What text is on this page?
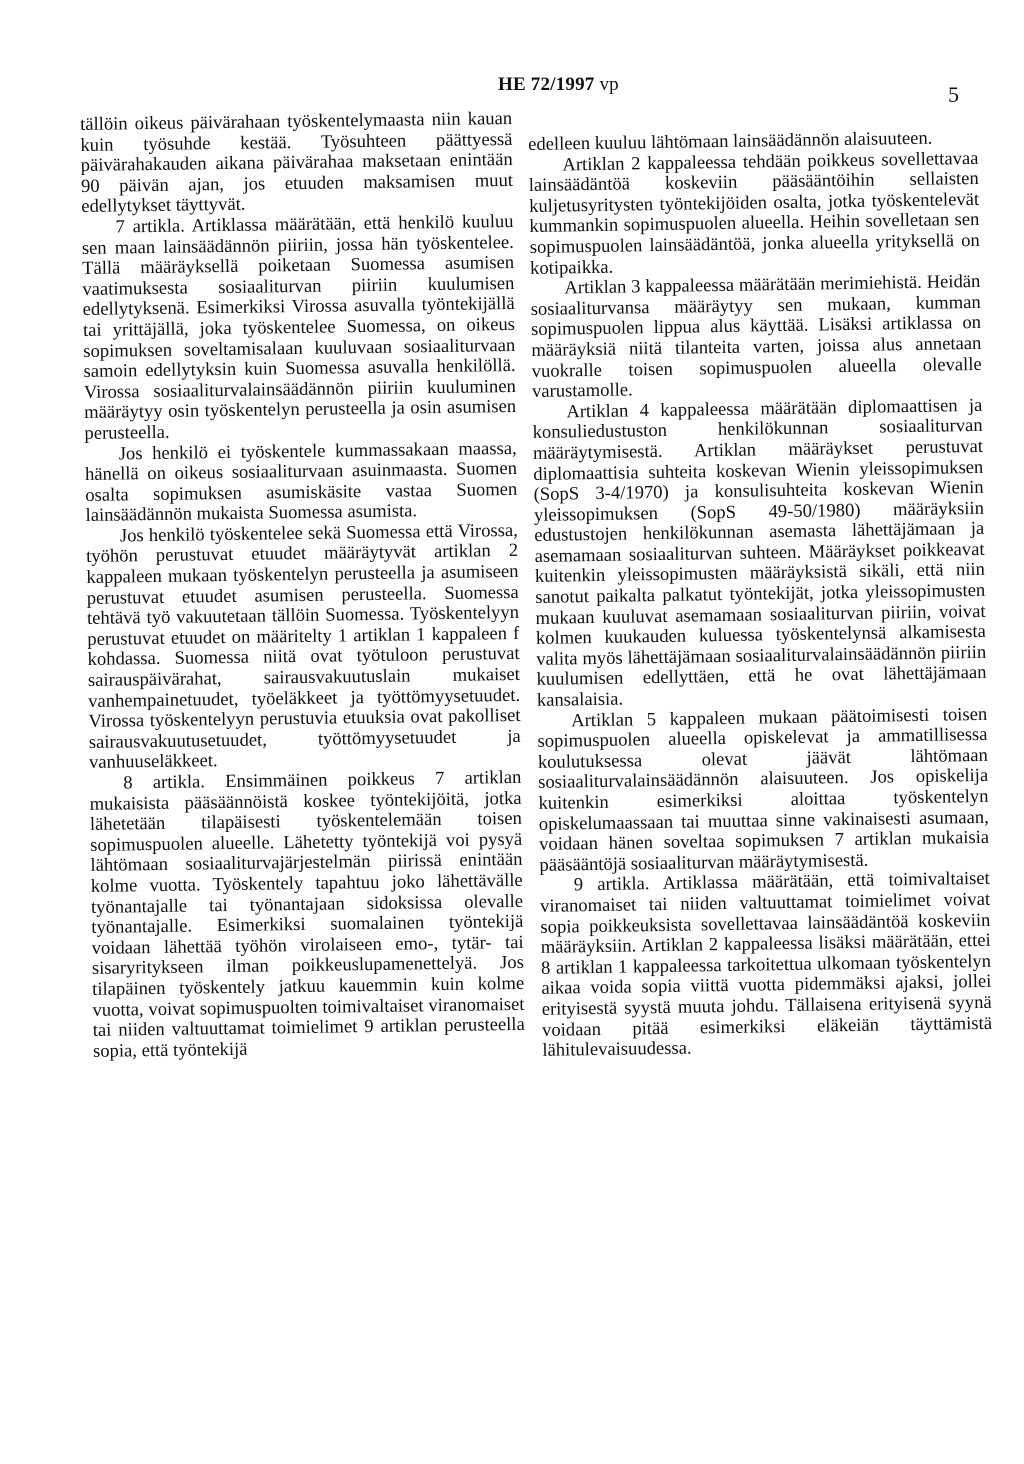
HE 72/1997 vp	5

tällöin oikeus päivärahaan työskentelymaasta niin kauan kuin työsuhde kestää. Työsuhteen päättyessä päivärahakauden aikana päivärahaa maksetaan enintään 90 päivän ajan, jos etuuden maksamisen muut edellytykset täyttyvät.

7 artikla. Artiklassa määrätään, että henkilö kuuluu sen maan lainsäädännön piiriin, jossa hän työskentelee. Tällä määräyksellä poiketaan Suomessa asumisen vaatimuksesta sosiaaliturvan piiriin kuulumisen edellytyksenä. Esimerkiksi Virossa asuvalla työntekijällä tai yrittäjällä, joka työskentelee Suomessa, on oikeus sopimuksen soveltamisalaan kuuluvaan sosiaaliturvaan samoin edellytyksin kuin Suomessa asuvalla henkilöllä. Virossa sosiaaliturvalainsäädännön piiriin kuuluminen määräytyy osin työskentelyn perusteella ja osin asumisen perusteella.

Jos henkilö ei työskentele kummassakaan maassa, hänellä on oikeus sosiaaliturvaan asuinmaasta. Suomen osalta sopimuksen asumiskäsite vastaa Suomen lainsäädännön mukaista Suomessa asumista.

Jos henkilö työskentelee sekä Suomessa että Virossa, työhön perustuvat etuudet määräytyvät artiklan 2 kappaleen mukaan työskentelyn perusteella ja asumiseen perustuvat etuudet asumisen perusteella. Suomessa tehtävä työ vakuutetaan tällöin Suomessa. Työskentelyyn perustuvat etuudet on määritelty 1 artiklan 1 kappaleen f kohdassa. Suomessa niitä ovat työtuloon perustuvat sairauspäivärahat, sairausvakuutuslain mukaiset vanhempainetuudet, työeläkkeet ja työttömyysetuudet. Virossa työskentelyyn perustuvia etuuksia ovat pakolliset sairausvakuutusetuudet, työttömyysetuudet ja vanhuuseläkkeet.

8 artikla. Ensimmäinen poikkeus 7 artiklan mukaisista pääsäännöistä koskee työntekijöitä, jotka lähetetään tilapäisesti työskentelemään toisen sopimuspuolen alueelle. Lähetetty työntekijä voi pysyä lähtömaan sosiaaliturvajärjestelmän piirissä enintään kolme vuotta. Työskentely tapahtuu joko lähettävälle työnantajalle tai työnantajaan sidoksissa olevalle työnantajalle. Esimerkiksi suomalainen työntekijä voidaan lähettää työhön virolaiseen emo-, tytär- tai sisaryritykseen ilman poikkeuslupamenettelyä. Jos tilapäinen työskentely jatkuu kauemmin kuin kolme vuotta, voivat sopimuspuolten toimivaltaiset viranomaiset tai niiden valtuuttamat toimielimet 9 artiklan perusteella sopia, että työntekijä

edelleen kuuluu lähtömaan lainsäädännön alaisuuteen.

Artiklan 2 kappaleessa tehdään poikkeus sovellettavaa lainsäädäntöä koskeviin pääsääntöihin sellaisten kuljetusyritysten työntekijöiden osalta, jotka työskentelevät kummankin sopimuspuolen alueella. Heihin sovelletaan sen sopimuspuolen lainsäädäntöä, jonka alueella yrityksellä on kotipaikka.

Artiklan 3 kappaleessa määrätään merimiehistä. Heidän sosiaaliturvansa määräytyy sen mukaan, kumman sopimuspuolen lippua alus käyttää. Lisäksi artiklassa on määräyksiä niitä tilanteita varten, joissa alus annetaan vuokralle toisen sopimuspuolen alueella olevalle varustamolle.

Artiklan 4 kappaleessa määrätään diplomaattisen ja konsuliedustuston henkilökunnan sosiaaliturvan määräytymisestä. Artiklan määräykset perustuvat diplomaattisia suhteita koskevan Wienin yleissopimuksen (SopS 3-4/1970) ja konsulisuhteita koskevan Wienin yleissopimuksen (SopS 49-50/1980) määräyksiin edustustojen henkilökunnan asemasta lähettäjämaan ja asemamaan sosiaaliturvan suhteen. Määräykset poikkeavat kuitenkin yleissopimusten määräyksistä sikäli, että niin sanotut paikalta palkatut työntekijät, jotka yleissopimusten mukaan kuuluvat asemamaan sosiaaliturvan piiriin, voivat kolmen kuukauden kuluessa työskentelynsä alkamisesta valita myös lähettäjämaan sosiaaliturvalainsäädännön piiriin kuulumisen edellyttäen, että he ovat lähettäjämaan kansalaisia.

Artiklan 5 kappaleen mukaan päätoimisesti toisen sopimuspuolen alueella opiskelevat ja ammatillisessa koulutuksessa olevat jäävät lähtömaan sosiaaliturvalainsäädännön alaisuuteen. Jos opiskelija kuitenkin esimerkiksi aloittaa työskentelyn opiskelumaassaan tai muuttaa sinne vakinaisesti asumaan, voidaan hänen soveltaa sopimuksen 7 artiklan mukaisia pääsääntöjä sosiaaliturvan määräytymisestä.

9 artikla. Artiklassa määrätään, että toimivaltaiset viranomaiset tai niiden valtuuttamat toimielimet voivat sopia poikkeuksista sovellettavaa lainsäädäntöä koskeviin määräyksiin. Artiklan 2 kappaleessa lisäksi määrätään, ettei 8 artiklan 1 kappaleessa tarkoitettua ulkomaan työskentelyn aikaa voida sopia viittä vuotta pidemmäksi ajaksi, jollei erityisestä syystä muuta johdu. Tällaisena erityisenä syynä voidaan pitää esimerkiksi eläkeiän täyttämistä lähitulevaisuudessa.
